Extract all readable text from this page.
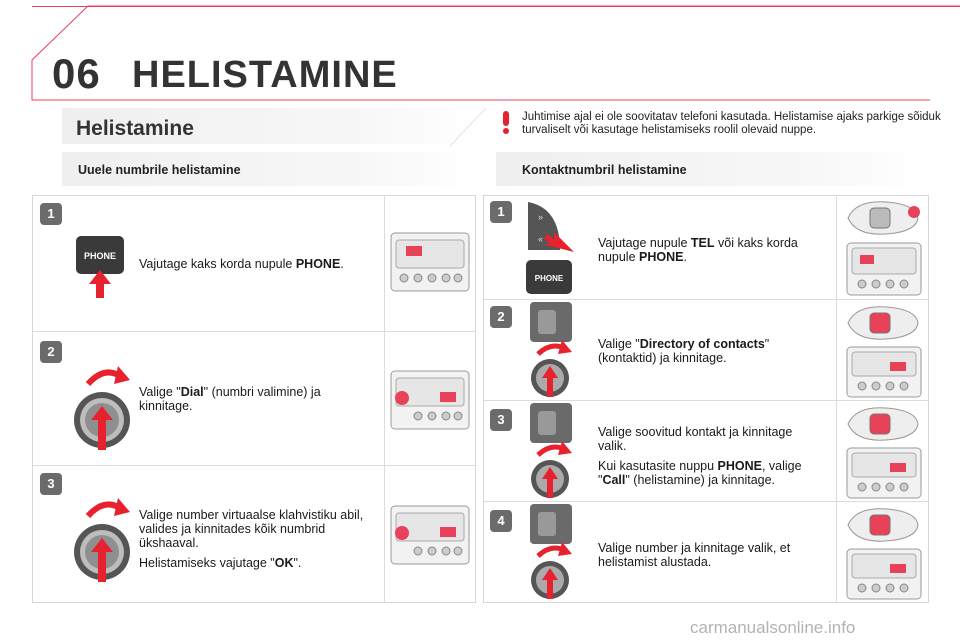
06 HELISTAMINE
Helistamine	Juhtimise ajal ei ole soovitatav telefoni kasutada. Helistamise ajaks parkige sõiduk turvaliselt või kasutage helistamiseks roolil olevaid nuppe.
Uuele numbrile helistamine	Kontaktnumbril helistamine
1
PHONE
Vajutage kaks korda nupule PHONE.
2
Valige "Dial" (numbri valimine) ja kinnitage.
3

Valige number virtuaalse klahvistiku abil, valides ja kinnitades kõik numbrid ükshaaval.

Helistamiseks vajutage "OK".

1	»
«
PHONE
Vajutage nupule TEL või kaks korda nupule PHONE.
2
Valige "Directory of contacts" (kontaktid) ja kinnitage.
3

Valige soovitud kontakt ja kinnitage valik.

Kui kasutasite nuppu PHONE, valige "Call" (helistamine) ja kinnitage.

4
Valige number ja kinnitage valik, et helistamist alustada.
carmanualsonline.info
